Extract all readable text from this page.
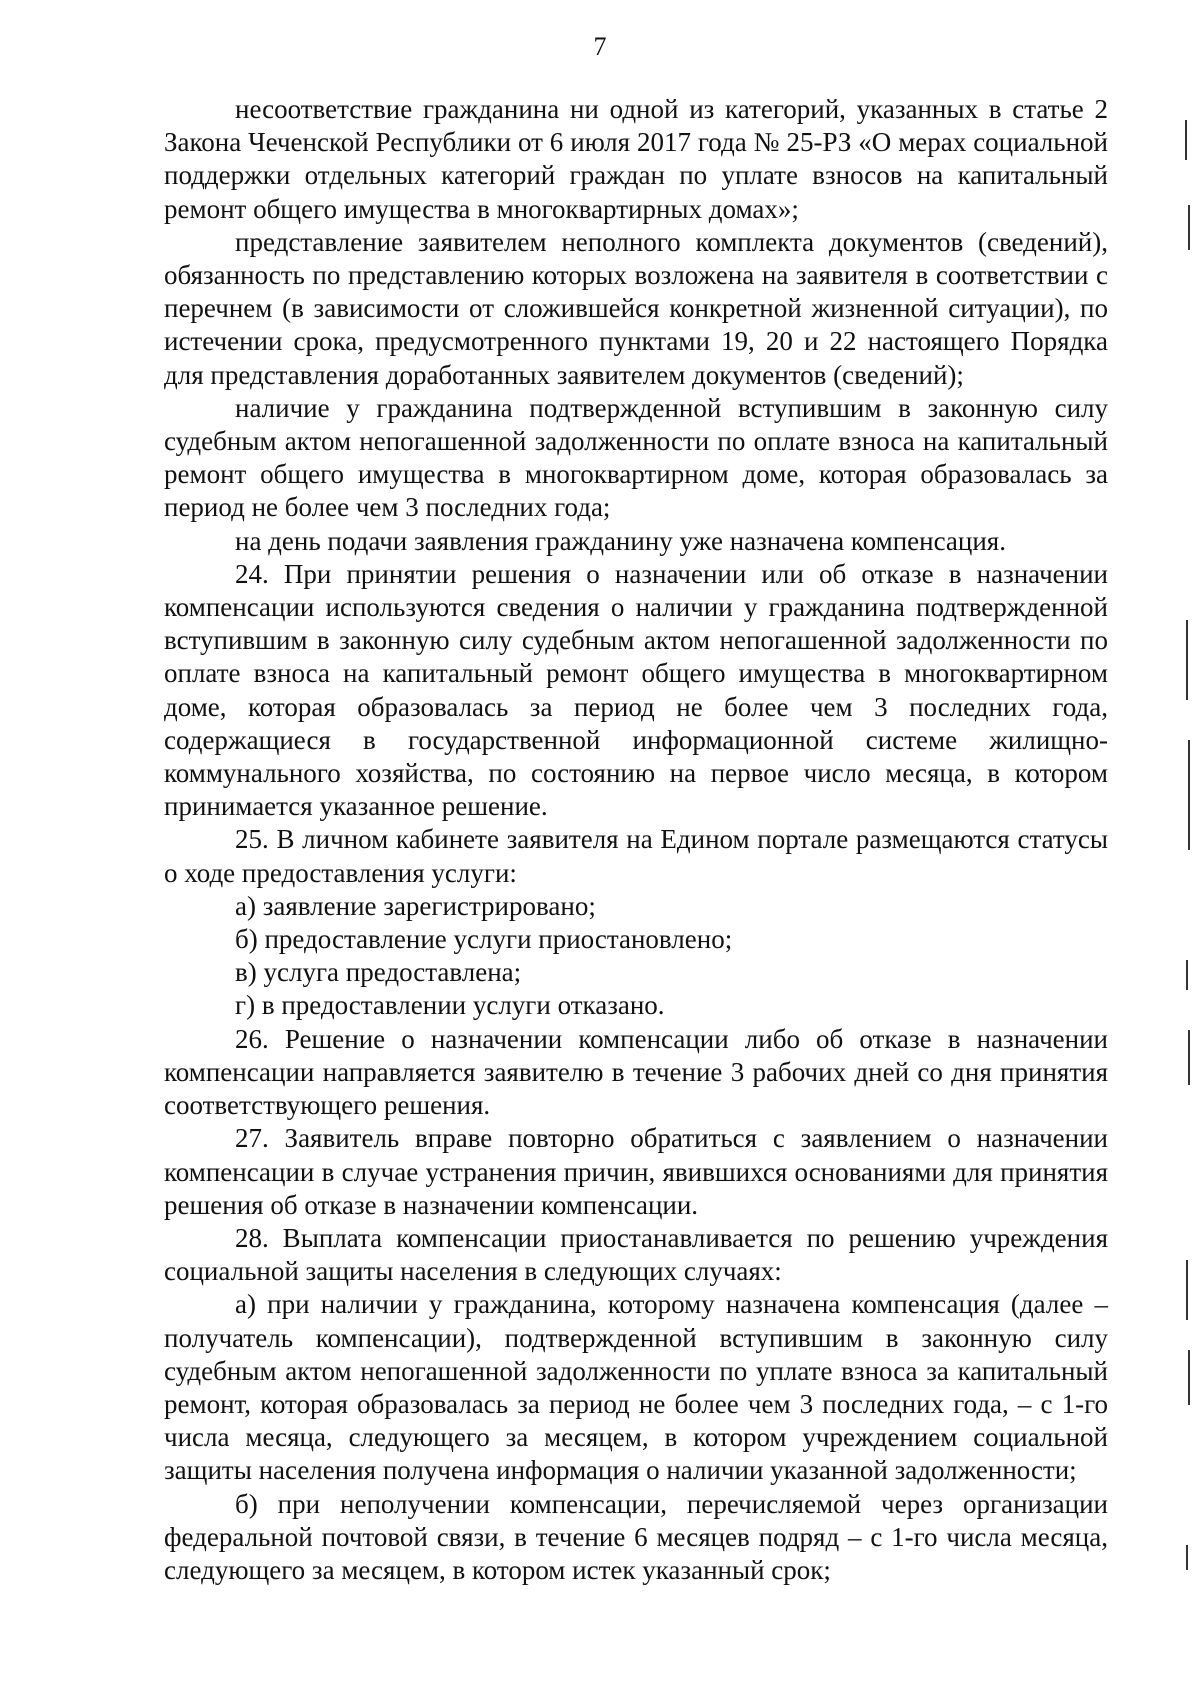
7

несоответствие гражданина ни одной из категорий, указанных в статье 2 Закона Чеченской Республики от 6 июля 2017 года № 25-РЗ «О мерах социальной поддержки отдельных категорий граждан по уплате взносов на капитальный ремонт общего имущества в многоквартирных домах»;

представление заявителем неполного комплекта документов (сведений), обязанность по представлению которых возложена на заявителя в соответствии с перечнем (в зависимости от сложившейся конкретной жизненной ситуации), по истечении срока, предусмотренного пунктами 19, 20 и 22 настоящего Порядка для представления доработанных заявителем документов (сведений);

наличие у гражданина подтвержденной вступившим в законную силу судебным актом непогашенной задолженности по оплате взноса на капитальный ремонт общего имущества в многоквартирном доме, которая образовалась за период не более чем 3 последних года;

на день подачи заявления гражданину уже назначена компенсация.

24. При принятии решения о назначении или об отказе в назначении компенсации используются сведения о наличии у гражданина подтвержденной вступившим в законную силу судебным актом непогашенной задолженности по оплате взноса на капитальный ремонт общего имущества в многоквартирном доме, которая образовалась за период не более чем 3 последних года, содержащиеся в государственной информационной системе жилищно-коммунального хозяйства, по состоянию на первое число месяца, в котором принимается указанное решение.

25. В личном кабинете заявителя на Едином портале размещаются статусы о ходе предоставления услуги:

а) заявление зарегистрировано;

б) предоставление услуги приостановлено;

в) услуга предоставлена;

г) в предоставлении услуги отказано.

26. Решение о назначении компенсации либо об отказе в назначении компенсации направляется заявителю в течение 3 рабочих дней со дня принятия соответствующего решения.

27. Заявитель вправе повторно обратиться с заявлением о назначении компенсации в случае устранения причин, явившихся основаниями для принятия решения об отказе в назначении компенсации.

28. Выплата компенсации приостанавливается по решению учреждения социальной защиты населения в следующих случаях:

а) при наличии у гражданина, которому назначена компенсация (далее – получатель компенсации), подтвержденной вступившим в законную силу судебным актом непогашенной задолженности по уплате взноса за капитальный ремонт, которая образовалась за период не более чем 3 последних года, – с 1-го числа месяца, следующего за месяцем, в котором учреждением социальной защиты населения получена информация о наличии указанной задолженности;

б) при неполучении компенсации, перечисляемой через организации федеральной почтовой связи, в течение 6 месяцев подряд – с 1-го числа месяца, следующего за месяцем, в котором истек указанный срок;
